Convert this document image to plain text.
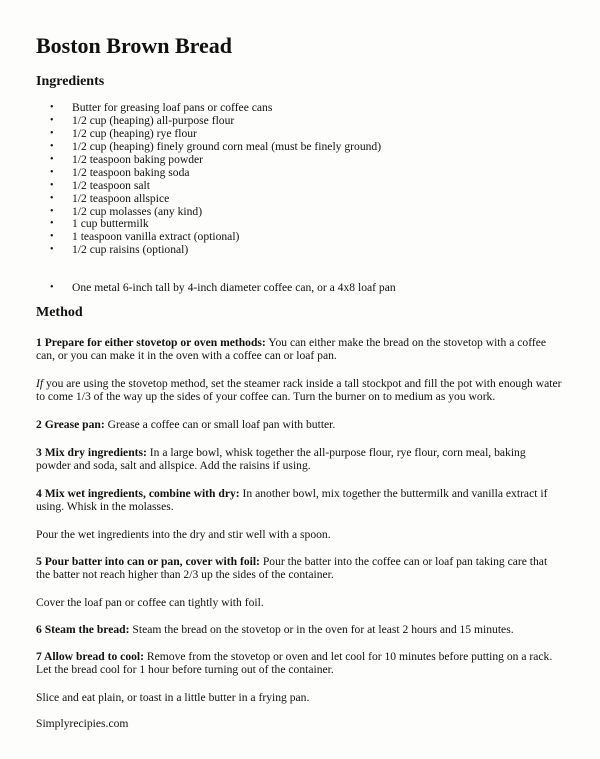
Boston Brown Bread
Ingredients
• Butter for greasing loaf pans or coffee cans
• 1/2 cup (heaping) all-purpose flour
• 1/2 cup (heaping) rye flour
• 1/2 cup (heaping) finely ground corn meal (must be finely ground)
• 1/2 teaspoon baking powder
• 1/2 teaspoon baking soda
• 1/2 teaspoon salt
• 1/2 teaspoon allspice
• 1/2 cup molasses (any kind)
• 1 cup buttermilk
• 1 teaspoon vanilla extract (optional)
• 1/2 cup raisins (optional)
• One metal 6-inch tall by 4-inch diameter coffee can, or a 4x8 loaf pan
Method

1 Prepare for either stovetop or oven methods: You can either make the bread on the stovetop with a coffee can, or you can make it in the oven with a coffee can or loaf pan.

If you are using the stovetop method, set the steamer rack inside a tall stockpot and fill the pot with enough water to come 1/3 of the way up the sides of your coffee can. Turn the burner on to medium as you work.

2 Grease pan: Grease a coffee can or small loaf pan with butter.

3 Mix dry ingredients: In a large bowl, whisk together the all-purpose flour, rye flour, corn meal, baking powder and soda, salt and allspice. Add the raisins if using.

4 Mix wet ingredients, combine with dry: In another bowl, mix together the buttermilk and vanilla extract if using. Whisk in the molasses.

Pour the wet ingredients into the dry and stir well with a spoon.

5 Pour batter into can or pan, cover with foil: Pour the batter into the coffee can or loaf pan taking care that the batter not reach higher than 2/3 up the sides of the container.

Cover the loaf pan or coffee can tightly with foil.

6 Steam the bread: Steam the bread on the stovetop or in the oven for at least 2 hours and 15 minutes.

7 Allow bread to cool: Remove from the stovetop or oven and let cool for 10 minutes before putting on a rack. Let the bread cool for 1 hour before turning out of the container.

Slice and eat plain, or toast in a little butter in a frying pan.

Simplyrecipies.com
